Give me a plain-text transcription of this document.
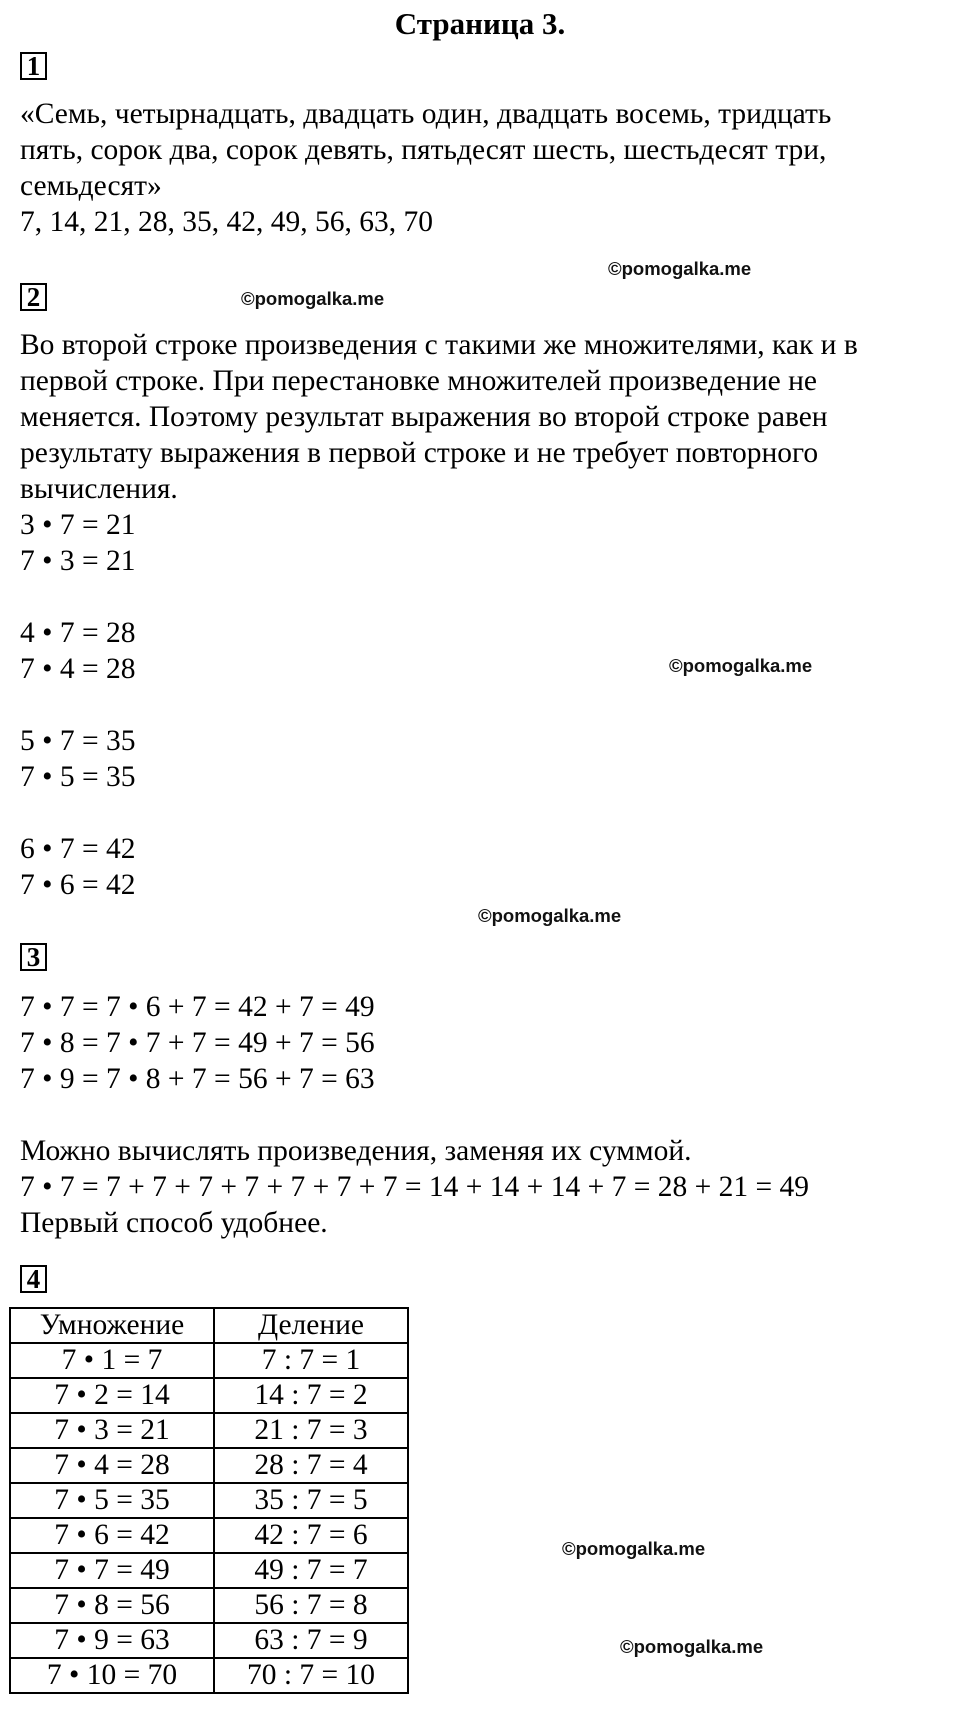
Страница 3.
1
«Семь, четырнадцать, двадцать один, двадцать восемь, тридцать
пять, сорок два, сорок девять, пятьдесят шесть, шестьдесят три,
семьдесят»
7, 14, 21, 28, 35, 42, 49, 56, 63, 70
©pomogalka.me
2	©pomogalka.me
Во второй строке произведения с такими же множителями, как и в
первой строке. При перестановке множителей произведение не
меняется. Поэтому результат выражения во второй строке равен
результату выражения в первой строке и не требует повторного
вычисления.
3 • 7 = 21
7 • 3 = 21
4 • 7 = 28
7 • 4 = 28	©pomogalka.me
5 • 7 = 35
7 • 5 = 35
6 • 7 = 42
7 • 6 = 42
©pomogalka.me
3
7 • 7 = 7 • 6 + 7 = 42 + 7 = 49
7 • 8 = 7 • 7 + 7 = 49 + 7 = 56
7 • 9 = 7 • 8 + 7 = 56 + 7 = 63
Можно вычислять произведения, заменяя их суммой.
7 • 7 = 7 + 7 + 7 + 7 + 7 + 7 + 7 = 14 + 14 + 14 + 7 = 28 + 21 = 49
Первый способ удобнее.
4
Умножение	Деление
7 • 1 = 7	7 : 7 = 1
7 • 2 = 14	14 : 7 = 2
7 • 3 = 21	21 : 7 = 3
7 • 4 = 28	28 : 7 = 4
7 • 5 = 35	35 : 7 = 5
7 • 6 = 42	42 : 7 = 6
7 • 7 = 49	49 : 7 = 7
7 • 8 = 56	56 : 7 = 8
7 • 9 = 63	63 : 7 = 9
7 • 10 = 70	70 : 7 = 10
©pomogalka.me
©pomogalka.me
